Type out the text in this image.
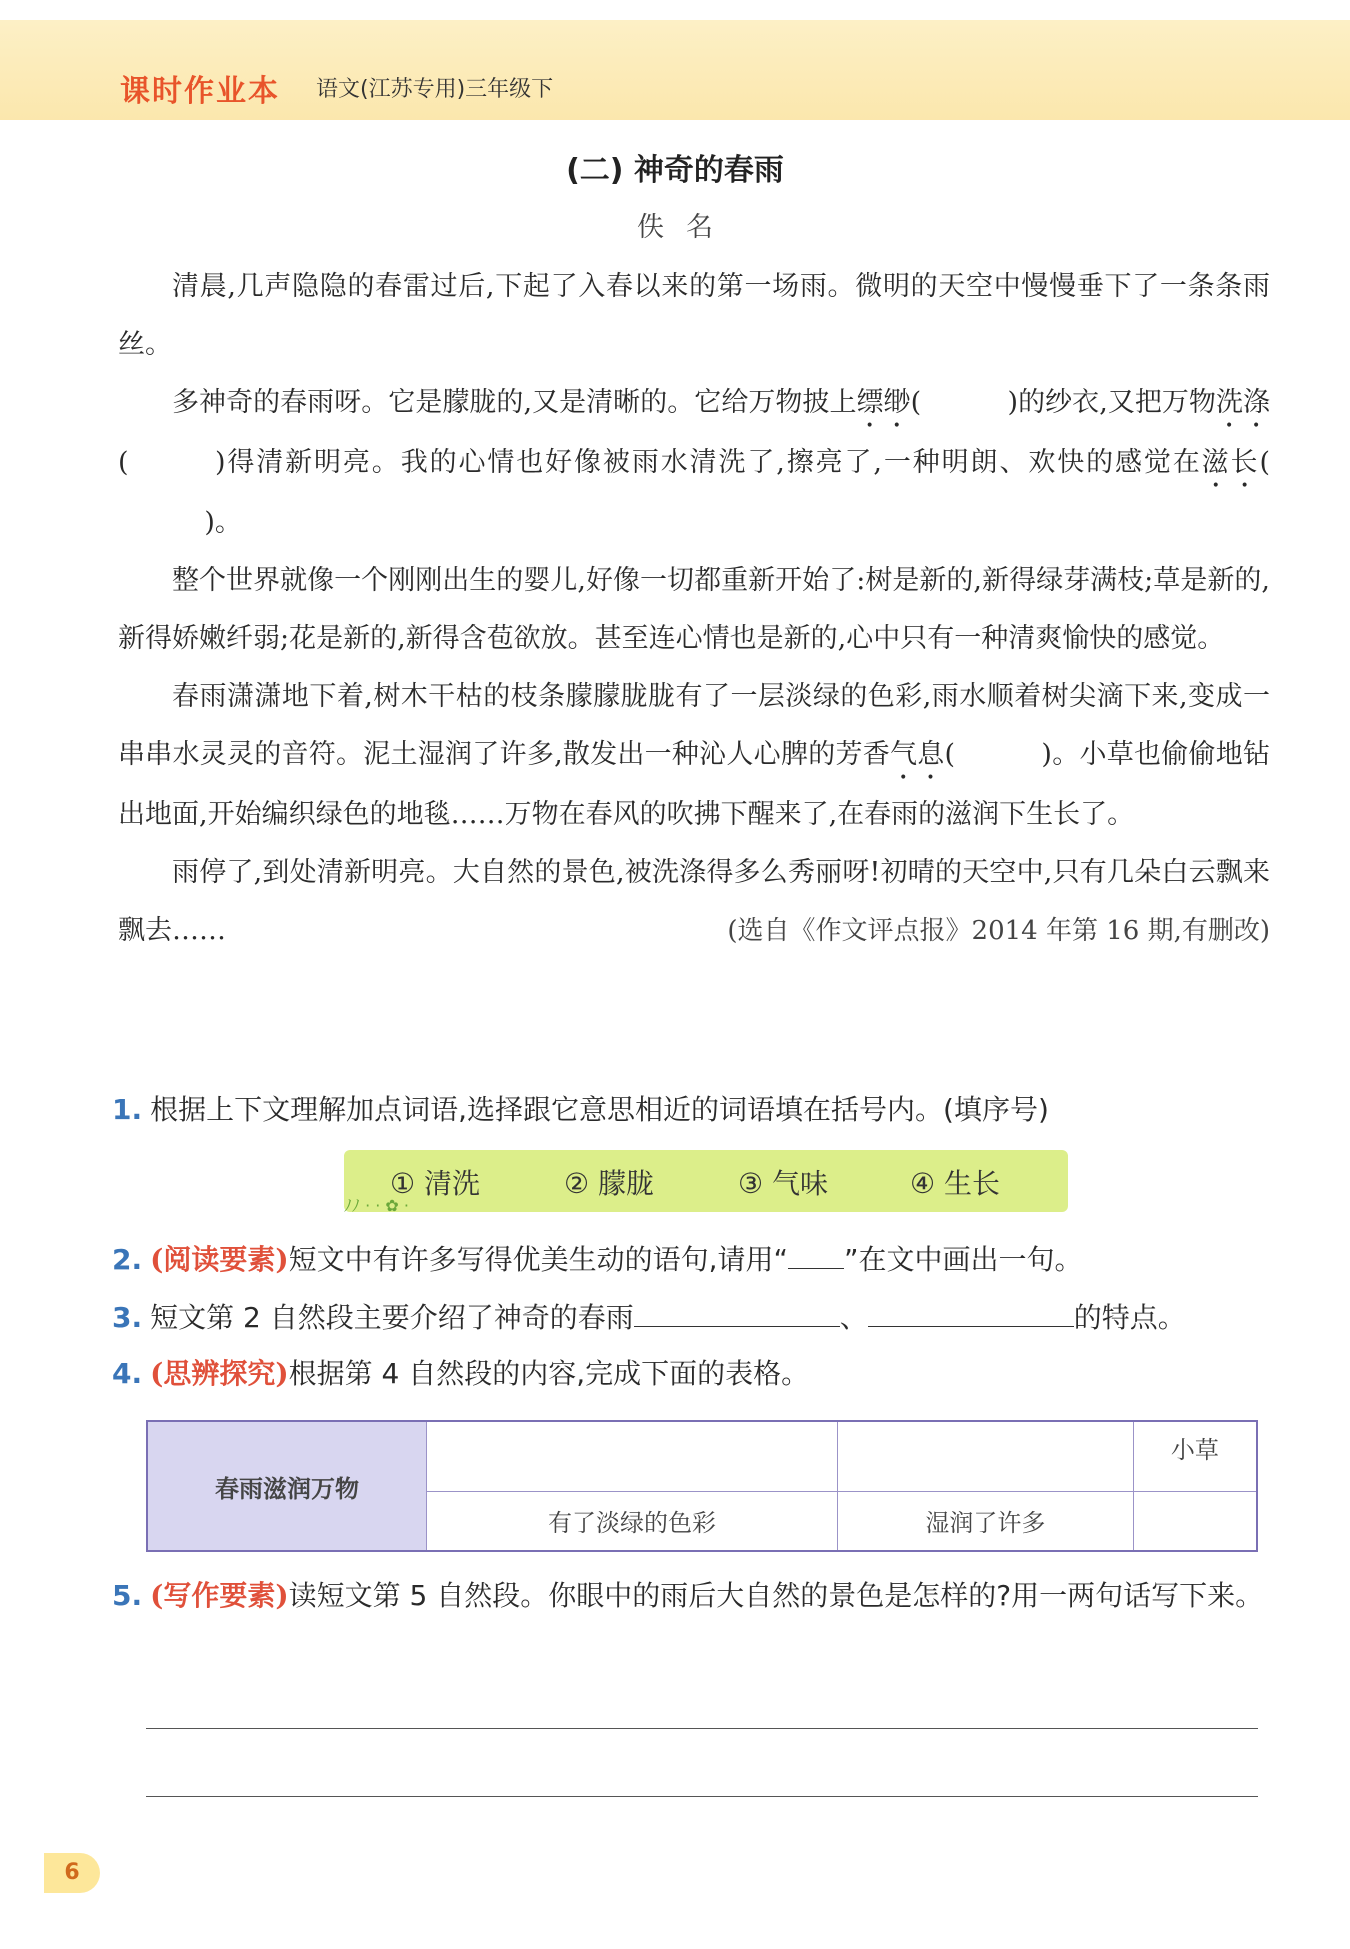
课时作业本 语文(江苏专用)三年级下
(二) 神奇的春雨
佚名

清晨,几声隐隐的春雷过后,下起了入春以来的第一场雨。微明的天空中慢慢垂下了一条条雨丝。

多神奇的春雨呀。它是朦胧的,又是清晰的。它给万物披上缥缈(	)的纱衣,又把万物洗涤(	)得清新明亮。我的心情也好像被雨水清洗了,擦亮了,一种明朗、欢快的感觉在滋长()。

整个世界就像一个刚刚出生的婴儿,好像一切都重新开始了:树是新的,新得绿芽满枝;草是新的,新得娇嫩纤弱;花是新的,新得含苞欲放。甚至连心情也是新的,心中只有一种清爽愉快的感觉。

春雨潇潇地下着,树木干枯的枝条朦朦胧胧有了一层淡绿的色彩,雨水顺着树尖滴下来,变成一串串水灵灵的音符。泥土湿润了许多,散发出一种沁人心脾的芳香气息(	)。小草也偷偷地钻出地面,开始编织绿色的地毯……万物在春风的吹拂下醒来了,在春雨的滋润下生长了。

雨停了,到处清新明亮。大自然的景色,被洗涤得多么秀丽呀!初晴的天空中,只有几朵白云飘来飘去……	(选自《作文评点报》2014 年第 16 期,有删改)

1. 根据上下文理解加点词语,选择跟它意思相近的词语填在括号内。(填序号)
① 清洗	② 朦胧	③ 气味	④ 生长
ﾉﾉ · · ✿ ·
2. (阅读要素)短文中有许多写得优美生动的语句,请用“ ”在文中画出一句。
3. 短文第 2 自然段主要介绍了神奇的春雨	、	的特点。
4. (思辨探究)根据第 4 自然段的内容,完成下面的表格。
春雨滋润万物			小草
	有了淡绿的色彩	湿润了许多	
5. (写作要素)读短文第 5 自然段。你眼中的雨后大自然的景色是怎样的?用一两句话写下来。
6
